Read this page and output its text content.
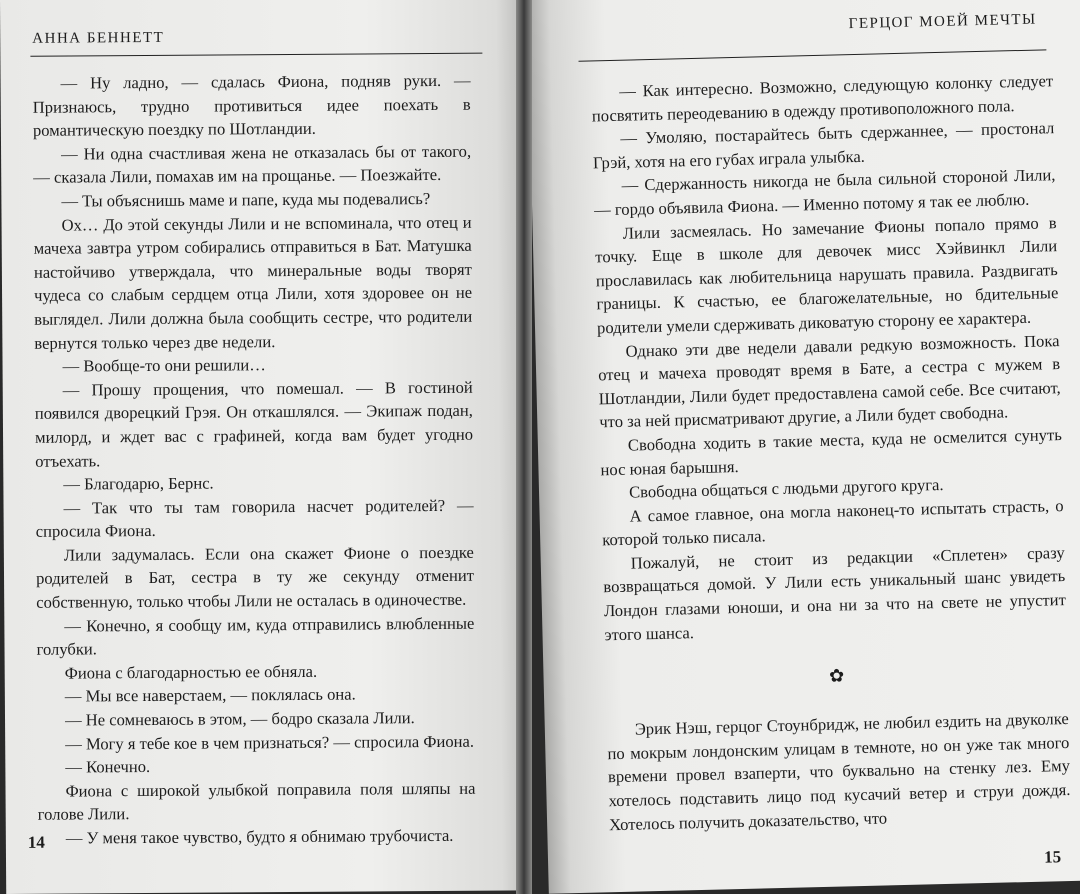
АННА БЕННЕТТ

— Ну ладно, — сдалась Фиона, подняв руки. — Признаюсь, трудно противиться идее поехать в романтическую поездку по Шотландии.

— Ни одна счастливая жена не отказалась бы от такого, — сказала Лили, помахав им на прощанье. — Поезжайте.

— Ты объяснишь маме и папе, куда мы подевались?

Ох… До этой секунды Лили и не вспоминала, что отец и мачеха завтра утром собирались отправиться в Бат. Матушка настойчиво утверждала, что минеральные воды творят чудеса со слабым сердцем отца Лили, хотя здоровее он не выглядел. Лили должна была сообщить сестре, что родители вернутся только через две недели.

— Вообще-то они решили…

— Прошу прощения, что помешал. — В гостиной появился дворецкий Грэя. Он откашлялся. — Экипаж подан, милорд, и ждет вас с графиней, когда вам будет угодно отъехать.

— Благодарю, Бернс.

— Так что ты там говорила насчет родителей? — спросила Фиона.

Лили задумалась. Если она скажет Фионе о поездке родителей в Бат, сестра в ту же секунду отменит собственную, только чтобы Лили не осталась в одиночестве.

— Конечно, я сообщу им, куда отправились влюбленные голубки.

Фиона с благодарностью ее обняла.

— Мы все наверстаем, — поклялась она.

— Не сомневаюсь в этом, — бодро сказала Лили.

— Могу я тебе кое в чем признаться? — спросила Фиона.

— Конечно.

Фиона с широкой улыбкой поправила поля шляпы на голове Лили.

— У меня такое чувство, будто я обнимаю трубочиста.

14
ГЕРЦОГ МОЕЙ МЕЧТЫ

— Как интересно. Возможно, следующую колонку следует посвятить переодеванию в одежду противоположного пола.

— Умоляю, постарайтесь быть сдержаннее, — простонал Грэй, хотя на его губах играла улыбка.

— Сдержанность никогда не была сильной стороной Лили, — гордо объявила Фиона. — Именно потому я так ее люблю.

Лили засмеялась. Но замечание Фионы попало прямо в точку. Еще в школе для девочек мисс Хэйвинкл Лили прославилась как любительница нарушать правила. Раздвигать границы. К счастью, ее благожелательные, но бдительные родители умели сдерживать диковатую сторону ее характера.

Однако эти две недели давали редкую возможность. Пока отец и мачеха проводят время в Бате, а сестра с мужем в Шотландии, Лили будет предоставлена самой себе. Все считают, что за ней присматривают другие, а Лили будет свободна.

Свободна ходить в такие места, куда не осмелится сунуть нос юная барышня.

Свободна общаться с людьми другого круга.

А самое главное, она могла наконец-то испытать страсть, о которой только писала.

Пожалуй, не стоит из редакции «Сплетен» сразу возвращаться домой. У Лили есть уникальный шанс увидеть Лондон глазами юноши, и она ни за что на свете не упустит этого шанса.

✿

Эрик Нэш, герцог Стоунбридж, не любил ездить на двуколке по мокрым лондонским улицам в темноте, но он уже так много времени провел взаперти, что буквально на стенку лез. Ему хотелось подставить лицо под кусачий ветер и струи дождя. Хотелось получить доказательство, что

15
